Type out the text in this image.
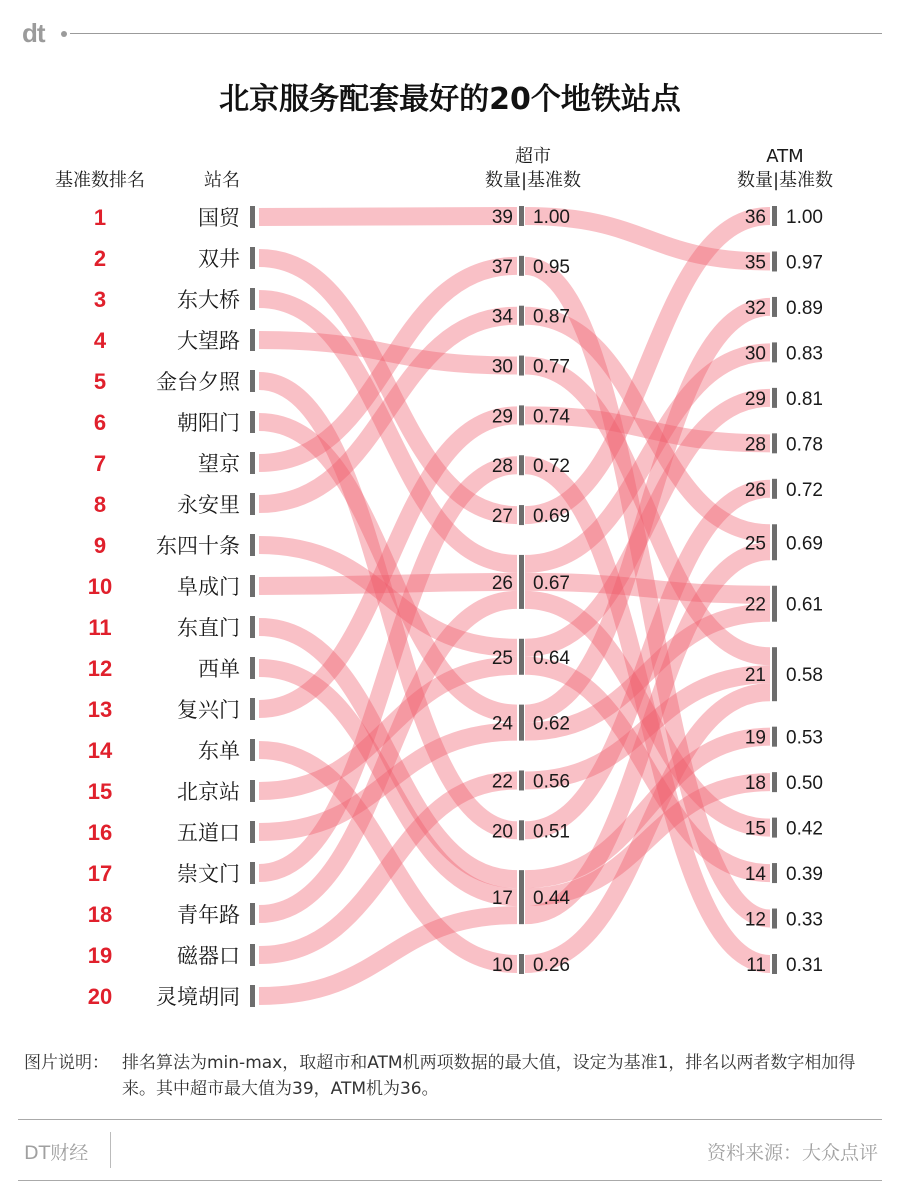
dt
北京服务配套最好的20个地铁站点
基准数排名	站名
超市
数量|基准数
ATM
数量|基准数
1	国贸
2	双井
3	东大桥
4	大望路
5 金台夕照
6	朝阳门
7	望京
8	永安里
9 东四十条
10	阜成门
11	东直门
12	西单
13	复兴门
14	东单
15	北京站
16	五道口
17	崇文门
18	青年路
19	磁器口
20 灵境胡同
39 1.00
37 0.95
34 0.87
30 0.77
29 0.74
28 0.72
27 0.69
26 0.67
25 0.64
24 0.62
22 0.56
20 0.51
17 0.44
10 0.26
36 1.00
35 0.97
32 0.89
30 0.83
29 0.81
28 0.78
26 0.72
25 0.69
22 0.61
21 0.58
19 0.53
18 0.50
15 0.42
14 0.39
12 0.33
11 0.31
图片说明： 排名算法为min-max，取超市和ATM机两项数据的最大值，设定为基准1，排名以两者数字相加得来。其中超市最大值为39，ATM机为36。
DT财经	资料来源：大众点评
